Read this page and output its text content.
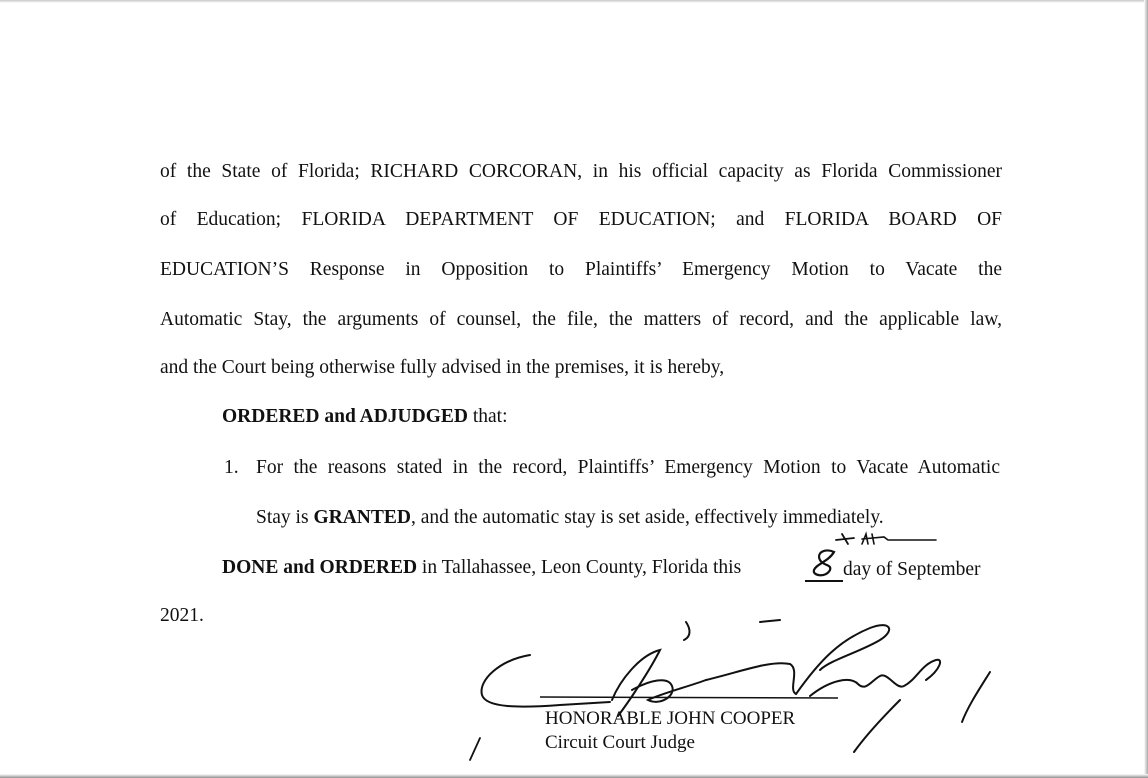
of the State of Florida; RICHARD CORCORAN, in his official capacity as Florida Commissioner
of Education; FLORIDA DEPARTMENT OF EDUCATION; and FLORIDA BOARD OF
EDUCATION’S Response in Opposition to Plaintiffs’ Emergency Motion to Vacate the
Automatic Stay, the arguments of counsel, the file, the matters of record, and the applicable law,
and the Court being otherwise fully advised in the premises, it is hereby,
ORDERED and ADJUDGED that:
1. For the reasons stated in the record, Plaintiffs’ Emergency Motion to Vacate Automatic
Stay is GRANTED, and the automatic stay is set aside, effectively immediately.
DONE and ORDERED in Tallahassee, Leon County, Florida this	day of September
2021.
HONORABLE JOHN COOPER
Circuit Court Judge
